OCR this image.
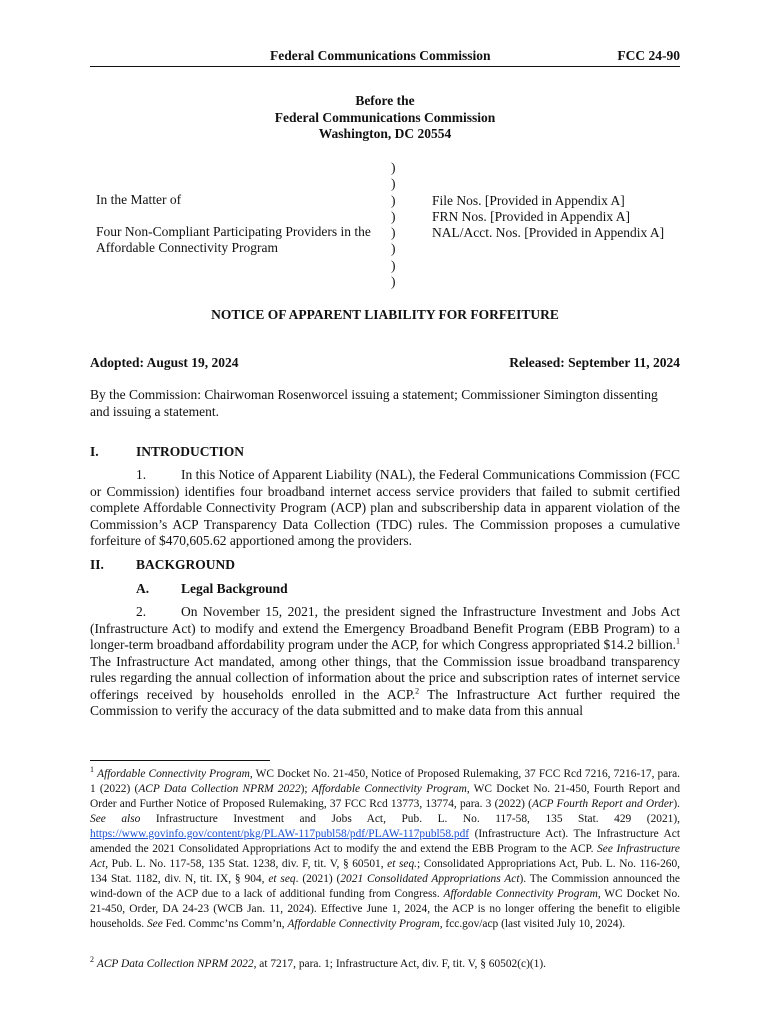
Federal Communications Commission	FCC 24-90
Before the
Federal Communications Commission
Washington, DC 20554
In the Matter of
Four Non-Compliant Participating Providers in the
Affordable Connectivity Program
)
)
)
)
)
)
)
)
File Nos. [Provided in Appendix A]
FRN Nos. [Provided in Appendix A]
NAL/Acct. Nos. [Provided in Appendix A]
NOTICE OF APPARENT LIABILITY FOR FORFEITURE
Adopted: August 19, 2024	Released: September 11, 2024
By the Commission: Chairwoman Rosenworcel issuing a statement; Commissioner Simington dissenting and issuing a statement.
I.	INTRODUCTION
1.	In this Notice of Apparent Liability (NAL), the Federal Communications Commission (FCC or Commission) identifies four broadband internet access service providers that failed to submit certified complete Affordable Connectivity Program (ACP) plan and subscribership data in apparent violation of the Commission’s ACP Transparency Data Collection (TDC) rules. The Commission proposes a cumulative forfeiture of $470,605.62 apportioned among the providers.
II. BACKGROUND
A. Legal Background
2.	On November 15, 2021, the president signed the Infrastructure Investment and Jobs Act (Infrastructure Act) to modify and extend the Emergency Broadband Benefit Program (EBB Program) to a longer-term broadband affordability program under the ACP, for which Congress appropriated $14.2 billion.$^1$ The Infrastructure Act mandated, among other things, that the Commission issue broadband transparency rules regarding the annual collection of information about the price and subscription rates of internet service offerings received by households enrolled in the ACP.$^2$ The Infrastructure Act further required the Commission to verify the accuracy of the data submitted and to make data from this annual
$^1$ Affordable Connectivity Program, WC Docket No. 21-450, Notice of Proposed Rulemaking, 37 FCC Rcd 7216, 7216-17, para. 1 (2022) (ACP Data Collection NPRM 2022); Affordable Connectivity Program, WC Docket No. 21-450, Fourth Report and Order and Further Notice of Proposed Rulemaking, 37 FCC Rcd 13773, 13774, para. 3 (2022) (ACP Fourth Report and Order). See also Infrastructure Investment and Jobs Act, Pub. L. No. 117-58, 135 Stat. 429 (2021), https://www.govinfo.gov/content/pkg/PLAW-117publ58/pdf/PLAW-117publ58.pdf (Infrastructure Act). The Infrastructure Act amended the 2021 Consolidated Appropriations Act to modify the and extend the EBB Program to the ACP. See Infrastructure Act, Pub. L. No. 117-58, 135 Stat. 1238, div. F, tit. V, § 60501, et seq.; Consolidated Appropriations Act, Pub. L. No. 116-260, 134 Stat. 1182, div. N, tit. IX, § 904, et seq. (2021) (2021 Consolidated Appropriations Act). The Commission announced the wind-down of the ACP due to a lack of additional funding from Congress. Affordable Connectivity Program, WC Docket No. 21-450, Order, DA 24-23 (WCB Jan. 11, 2024). Effective June 1, 2024, the ACP is no longer offering the benefit to eligible households. See Fed. Commc’ns Comm’n, Affordable Connectivity Program, fcc.gov/acp (last visited July 10, 2024).
$^2$ ACP Data Collection NPRM 2022, at 7217, para. 1; Infrastructure Act, div. F, tit. V, § 60502(c)(1).
